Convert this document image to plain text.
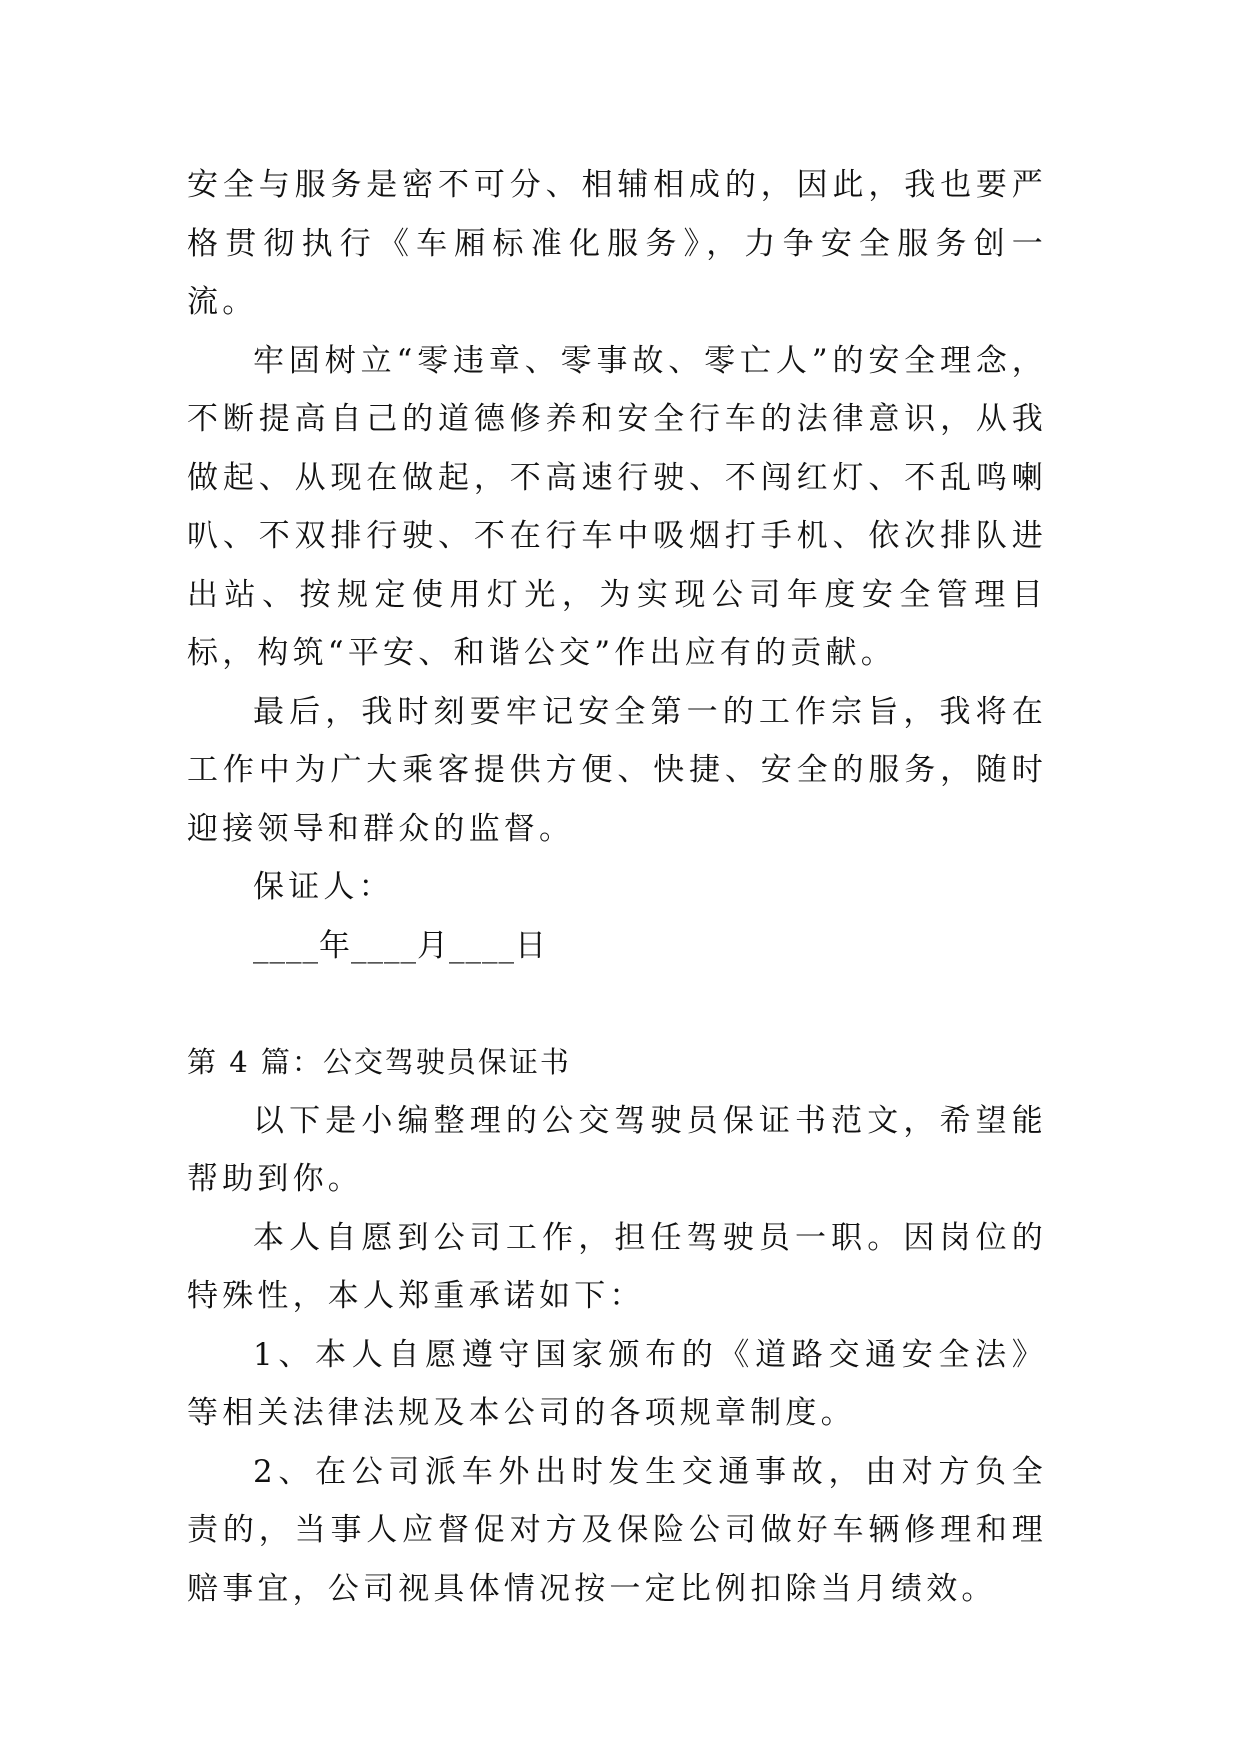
安全与服务是密不可分、相辅相成的，因此，我也要严格贯彻执行《车厢标准化服务》，力争安全服务创一流。

牢固树立“零违章、零事故、零亡人”的安全理念，不断提高自己的道德修养和安全行车的法律意识，从我做起、从现在做起，不高速行驶、不闯红灯、不乱鸣喇叭、不双排行驶、不在行车中吸烟打手机、依次排队进出站、按规定使用灯光，为实现公司年度安全管理目标，构筑“平安、和谐公交”作出应有的贡献。

最后，我时刻要牢记安全第一的工作宗旨，我将在工作中为广大乘客提供方便、快捷、安全的服务，随时迎接领导和群众的监督。

保证人：

____年____月____日

第 4 篇：公交驾驶员保证书

以下是小编整理的公交驾驶员保证书范文，希望能帮助到你。

本人自愿到公司工作，担任驾驶员一职。因岗位的特殊性，本人郑重承诺如下：

1、本人自愿遵守国家颁布的《道路交通安全法》等相关法律法规及本公司的各项规章制度。

2、在公司派车外出时发生交通事故，由对方负全责的，当事人应督促对方及保险公司做好车辆修理和理赔事宜，公司视具体情况按一定比例扣除当月绩效。
